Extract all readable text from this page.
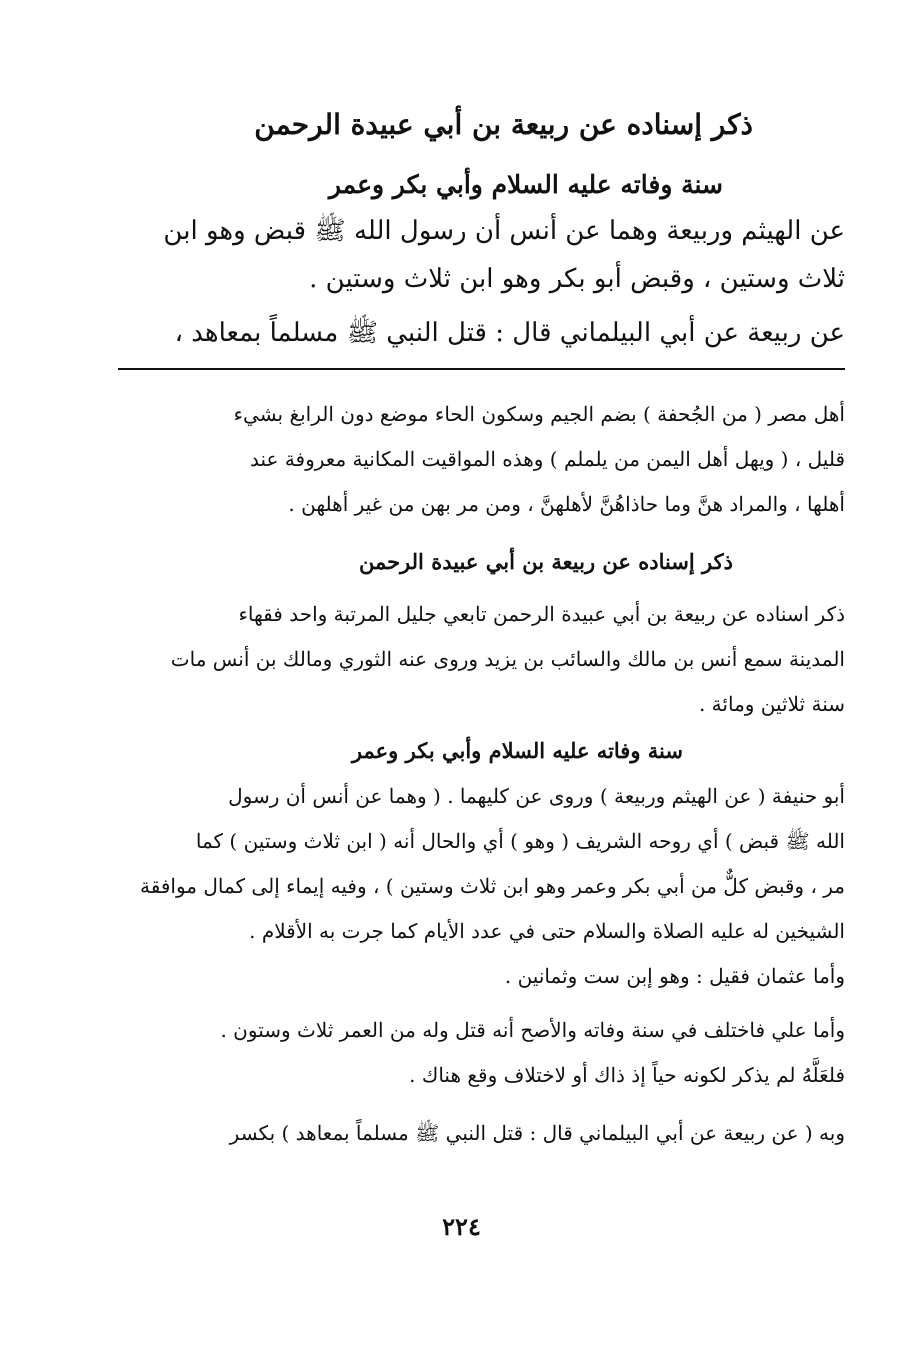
ذكر إسناده عن ربيعة بن أبي عبيدة الرحمن
سنة وفاته عليه السلام وأبي بكر وعمر
عن الهيثم وربيعة وهما عن أنس أن رسول الله ﷺ قبض وهو ابن
ثلاث وستين ، وقبض أبو بكر وهو ابن ثلاث وستين .
عن ربيعة عن أبي البيلماني قال : قتل النبي ﷺ مسلماً بمعاهد ،
أهل مصر ( من الجُحفة ) بضم الجيم وسكون الحاء موضع دون الرابغ بشيء
قليل ، ( ويهل أهل اليمن من يلملم ) وهذه المواقيت المكانية معروفة عند
أهلها ، والمراد هنَّ وما حاذاهُنَّ لأهلهنَّ ، ومن مر بهن من غير أهلهن .
ذكر إسناده عن ربيعة بن أبي عبيدة الرحمن
ذكر اسناده عن ربيعة بن أبي عبيدة الرحمن تابعي جليل المرتبة واحد فقهاء
المدينة سمع أنس بن مالك والسائب بن يزيد وروى عنه الثوري ومالك بن أنس مات
سنة ثلاثين ومائة .
سنة وفاته عليه السلام وأبي بكر وعمر
أبو حنيفة ( عن الهيثم وربيعة ) وروى عن كليهما . ( وهما عن أنس أن رسول
الله ﷺ قبض ) أي روحه الشريف ( وهو ) أي والحال أنه ( ابن ثلاث وستين ) كما
مر ، وقبض كلٌّ من أبي بكر وعمر وهو ابن ثلاث وستين ) ، وفيه إيماء إلى كمال موافقة
الشيخين له عليه الصلاة والسلام حتى في عدد الأيام كما جرت به الأقلام .
وأما عثمان فقيل : وهو إبن ست وثمانين .
وأما علي فاختلف في سنة وفاته والأصح أنه قتل وله من العمر ثلاث وستون .
فلعَلَّهُ لم يذكر لكونه حياً إذ ذاك أو لاختلاف وقع هناك .
وبه ( عن ربيعة عن أبي البيلماني قال : قتل النبي ﷺ مسلماً بمعاهد ) بكسر
٢٢٤
